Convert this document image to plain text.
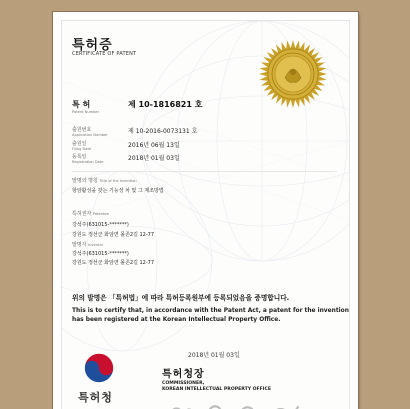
특허증
CERTIFICATE OF PATENT
특 허
Patent Number
제 10-1816821 호
출원번호
Application Number	제 10-2016-0073131 호
출원일
Filing Date	2016년 06월 13일
등록일
Registration Date	2018년 01월 03일
발명의 명칭 Title of the Invention
항암활성을 갖는 기능성 차 및 그 제조방법
특허권자 Patentee
강석주(631015-*******)
강원도 정선군 화암면 몰존2길 12-77
발명자 Inventor
강석주(631015-*******)
강원도 정선군 화암면 몰존2길 12-77
위의 발명은 「특허법」에 따라 특허등록원부에 등록되었음을 증명합니다.
This is to certify that, in accordance with the Patent Act, a patent for the invention
has been registered at the Korean Intellectual Property Office.
2018년 01월 03일
특허청
특허청장
COMMISSIONER,
KOREAN INTELLECTUAL PROPERTY OFFICE
